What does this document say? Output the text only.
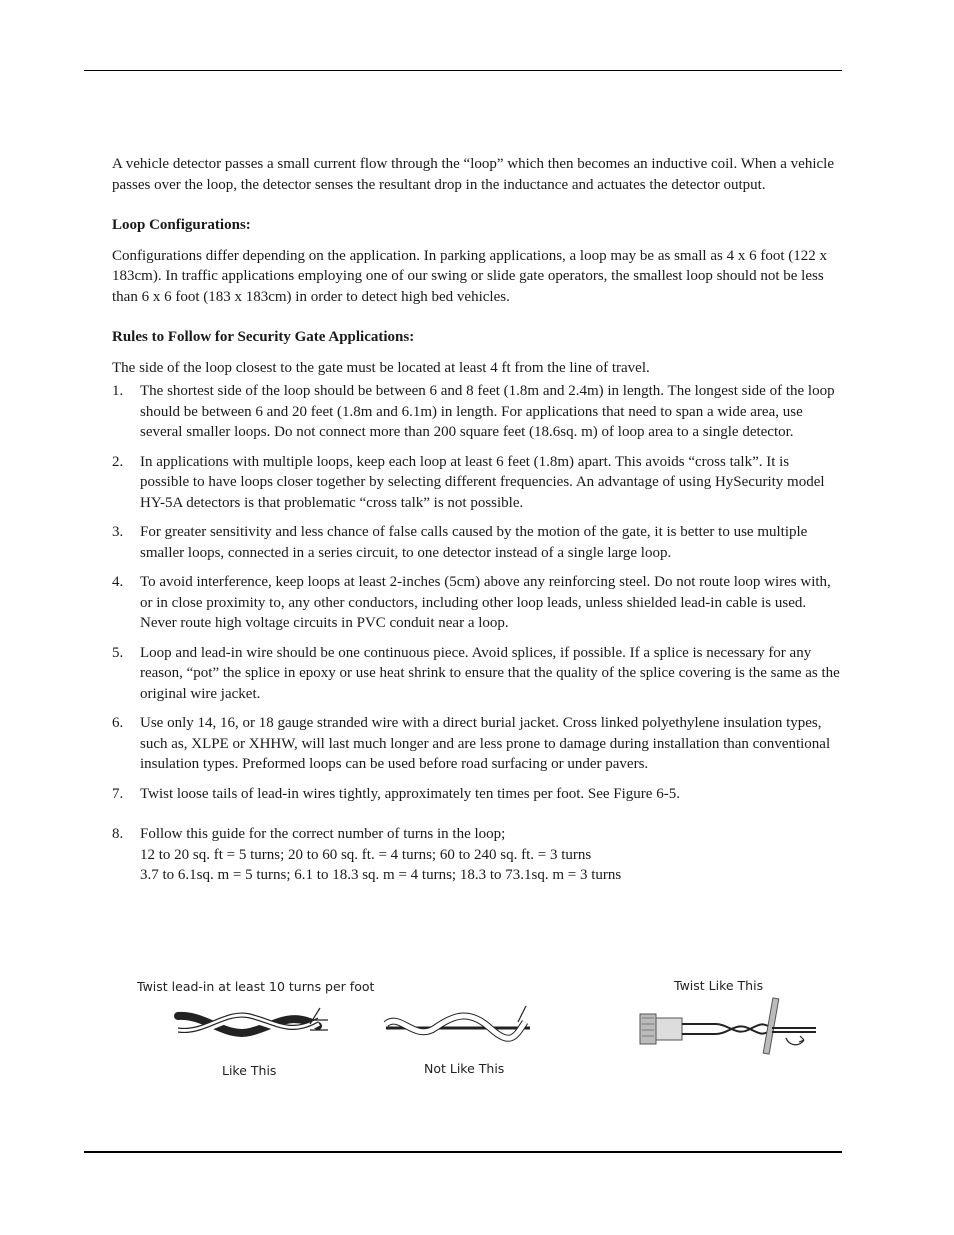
A vehicle detector passes a small current flow through the “loop” which then becomes an inductive coil. When a vehicle passes over the loop, the detector senses the resultant drop in the inductance and actuates the detector output.

Loop Configurations:

Configurations differ depending on the application. In parking applications, a loop may be as small as 4 x 6 foot (122 x 183cm). In traffic applications employing one of our swing or slide gate operators, the smallest loop should not be less than 6 x 6 foot (183 x 183cm) in order to detect high bed vehicles.

Rules to Follow for Security Gate Applications:

The side of the loop closest to the gate must be located at least 4 ft from the line of travel.

1. The shortest side of the loop should be between 6 and 8 feet (1.8m and 2.4m) in length. The longest side of the loop should be between 6 and 20 feet (1.8m and 6.1m) in length. For applications that need to span a wide area, use several smaller loops. Do not connect more than 200 square feet (18.6sq. m) of loop area to a single detector.
2. In applications with multiple loops, keep each loop at least 6 feet (1.8m) apart. This avoids “cross talk”. It is possible to have loops closer together by selecting different frequencies. An advantage of using HySecurity model HY-5A detectors is that problematic “cross talk” is not possible.
3. For greater sensitivity and less chance of false calls caused by the motion of the gate, it is better to use multiple smaller loops, connected in a series circuit, to one detector instead of a single large loop.
4. To avoid interference, keep loops at least 2-inches (5cm) above any reinforcing steel. Do not route loop wires with, or in close proximity to, any other conductors, including other loop leads, unless shielded lead-in cable is used. Never route high voltage circuits in PVC conduit near a loop.
5. Loop and lead-in wire should be one continuous piece. Avoid splices, if possible. If a splice is necessary for any reason, “pot” the splice in epoxy or use heat shrink to ensure that the quality of the splice covering is the same as the original wire jacket.
6. Use only 14, 16, or 18 gauge stranded wire with a direct burial jacket. Cross linked polyethylene insulation types, such as, XLPE or XHHW, will last much longer and are less prone to damage during installation than conventional insulation types. Preformed loops can be used before road surfacing or under pavers.
7. Twist loose tails of lead-in wires tightly, approximately ten times per foot. See Figure 6-5.
8. Follow this guide for the correct number of turns in the loop;
12 to 20 sq. ft = 5 turns; 20 to 60 sq. ft. = 4 turns; 60 to 240 sq. ft. = 3 turns
3.7 to 6.1sq. m = 5 turns; 6.1 to 18.3 sq. m = 4 turns; 18.3 to 73.1sq. m = 3 turns
Twist lead-in at least 10 turns per foot
Like This	Not Like This
Twist Like This
